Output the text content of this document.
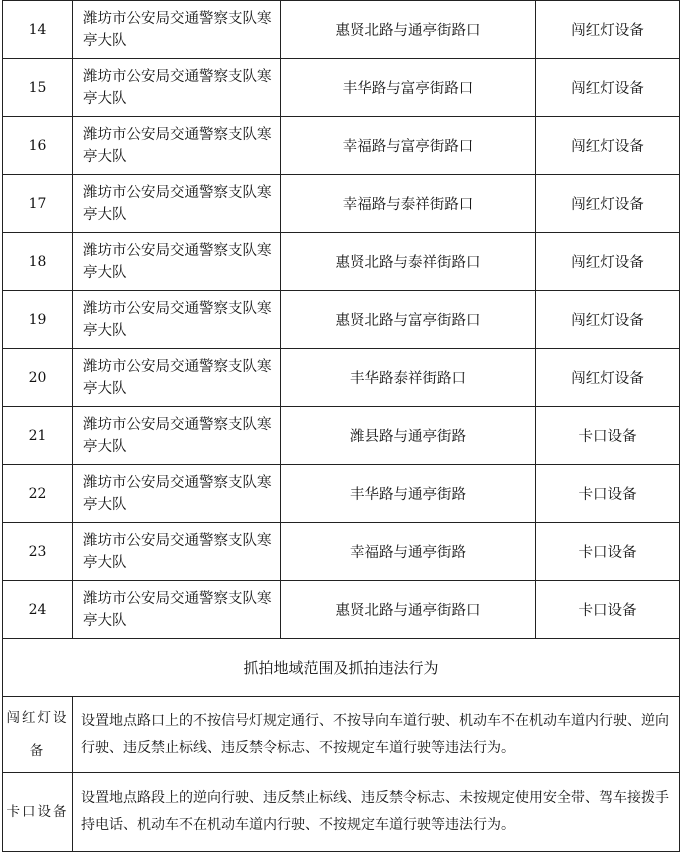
14	潍坊市公安局交通警察支队寒亭大队	惠贤北路与通亭街路口	闯红灯设备
15	潍坊市公安局交通警察支队寒亭大队	丰华路与富亭街路口	闯红灯设备
16	潍坊市公安局交通警察支队寒亭大队	幸福路与富亭街路口	闯红灯设备
17	潍坊市公安局交通警察支队寒亭大队	幸福路与泰祥街路口	闯红灯设备
18	潍坊市公安局交通警察支队寒亭大队	惠贤北路与泰祥街路口	闯红灯设备
19	潍坊市公安局交通警察支队寒亭大队	惠贤北路与富亭街路口	闯红灯设备
20	潍坊市公安局交通警察支队寒亭大队	丰华路泰祥街路口	闯红灯设备
21	潍坊市公安局交通警察支队寒亭大队	潍县路与通亭街路	卡口设备
22	潍坊市公安局交通警察支队寒亭大队	丰华路与通亭街路	卡口设备
23	潍坊市公安局交通警察支队寒亭大队	幸福路与通亭街路	卡口设备
24	潍坊市公安局交通警察支队寒亭大队	惠贤北路与通亭街路口	卡口设备
抓拍地域范围及抓拍违法行为			
闯红灯设备	设置地点路口上的不按信号灯规定通行、不按导向车道行驶、机动车不在机动车道内行驶、逆向行驶、违反禁止标线、违反禁令标志、不按规定车道行驶等违法行为。		
卡口设备	设置地点路段上的逆向行驶、违反禁止标线、违反禁令标志、未按规定使用安全带、驾车接拨手持电话、机动车不在机动车道内行驶、不按规定车道行驶等违法行为。		
